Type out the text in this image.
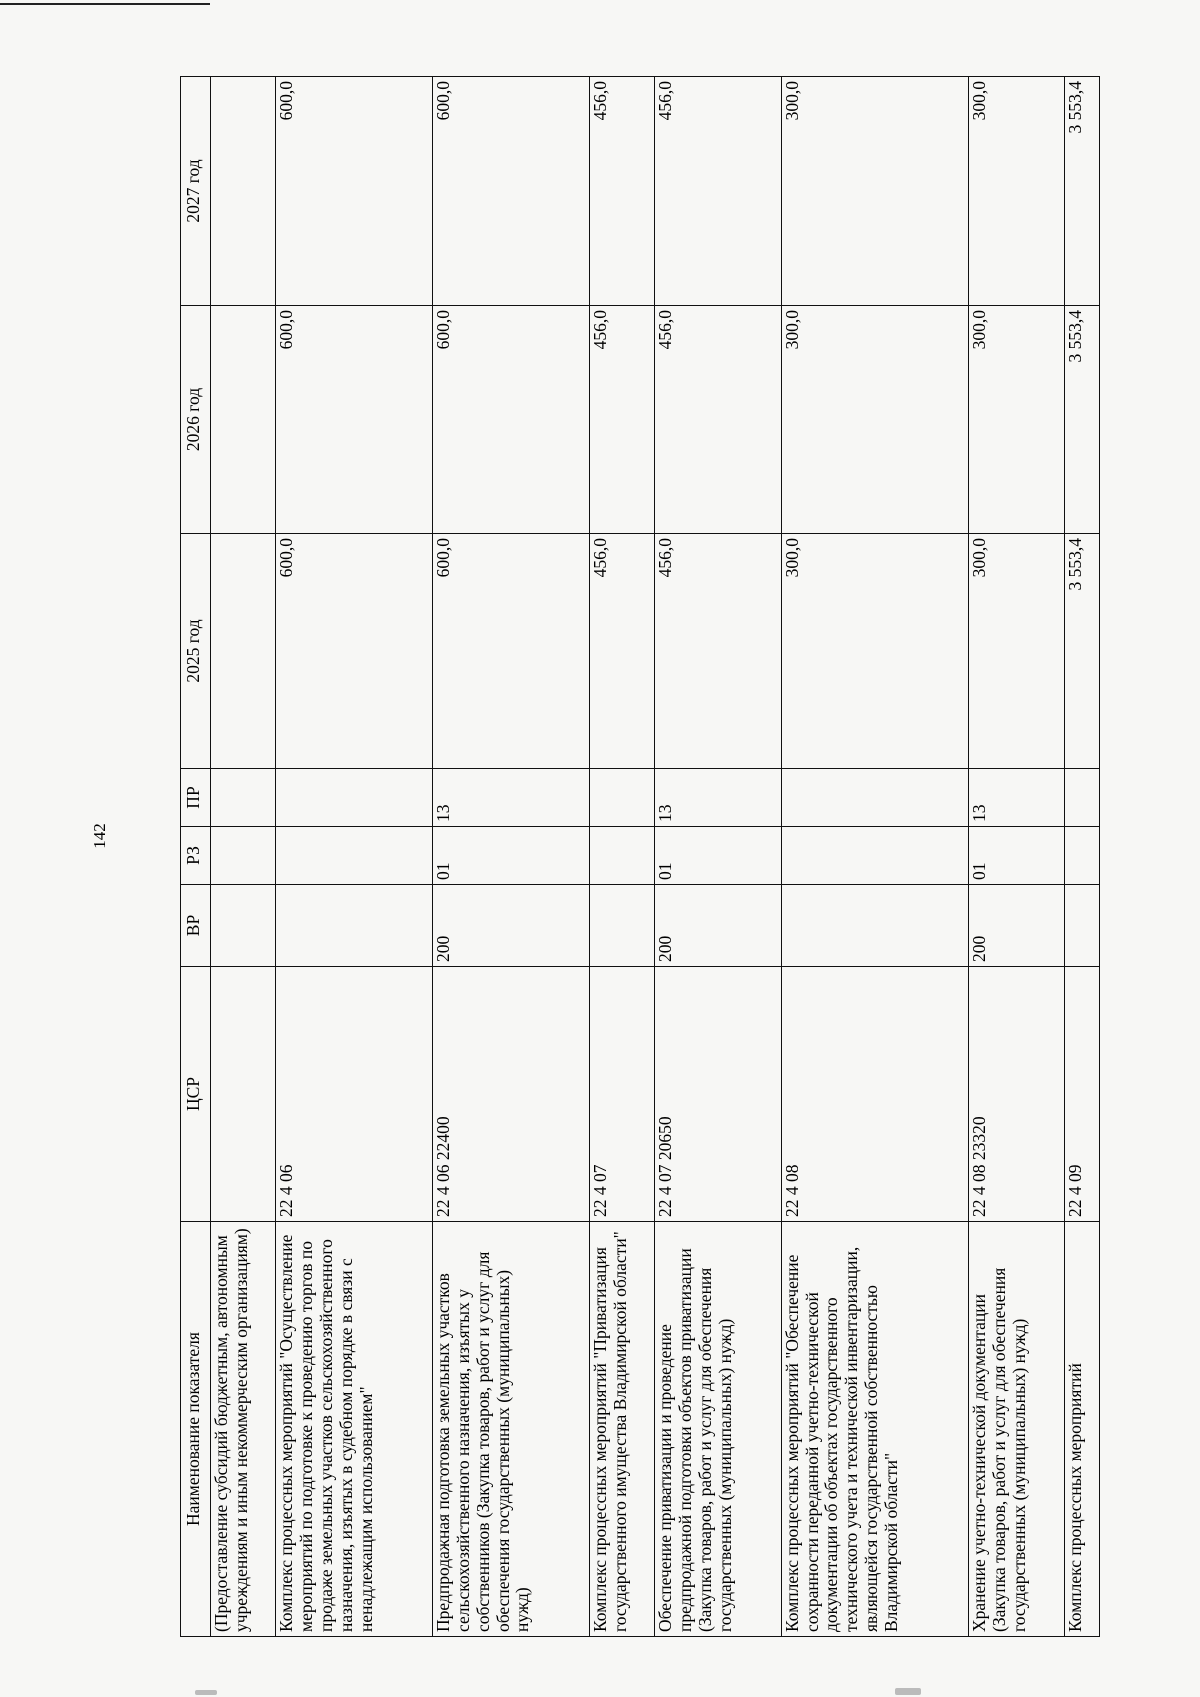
142
Наименование показателя	ЦСР	ВР	РЗ	ПР	2025 год	2026 год	2027 год
(Предоставление субсидий бюджетным, автономным учреждениям и иным некоммерческим организациям)							
Комплекс процессных мероприятий "Осуществление мероприятий по подготовке к проведению торгов по продаже земельных участков сельскохозяйственного назначения, изъятых в судебном порядке в связи с ненадлежащим использованием"	22 4 06				600,0	600,0	600,0
Предпродажная подготовка земельных участков сельскохозяйственного назначения, изъятых у собственников (Закупка товаров, работ и услуг для обеспечения государственных (муниципальных) нужд)	22 4 06 22400	200	01	13	600,0	600,0	600,0
Комплекс процессных мероприятий "Приватизация государственного имущества Владимирской области"	22 4 07				456,0	456,0	456,0
Обеспечение приватизации и проведение предпродажной подготовки объектов приватизации (Закупка товаров, работ и услуг для обеспечения государственных (муниципальных) нужд)	22 4 07 20650	200	01	13	456,0	456,0	456,0
Комплекс процессных мероприятий "Обеспечение сохранности переданной учетно-технической документации об объектах государственного технического учета и технической инвентаризации, являющейся государственной собственностью Владимирской области"	22 4 08				300,0	300,0	300,0
Хранение учетно-технической документации (Закупка товаров, работ и услуг для обеспечения государственных (муниципальных) нужд)	22 4 08 23320	200	01	13	300,0	300,0	300,0
Комплекс процессных мероприятий	22 4 09				3 553,4	3 553,4	3 553,4
